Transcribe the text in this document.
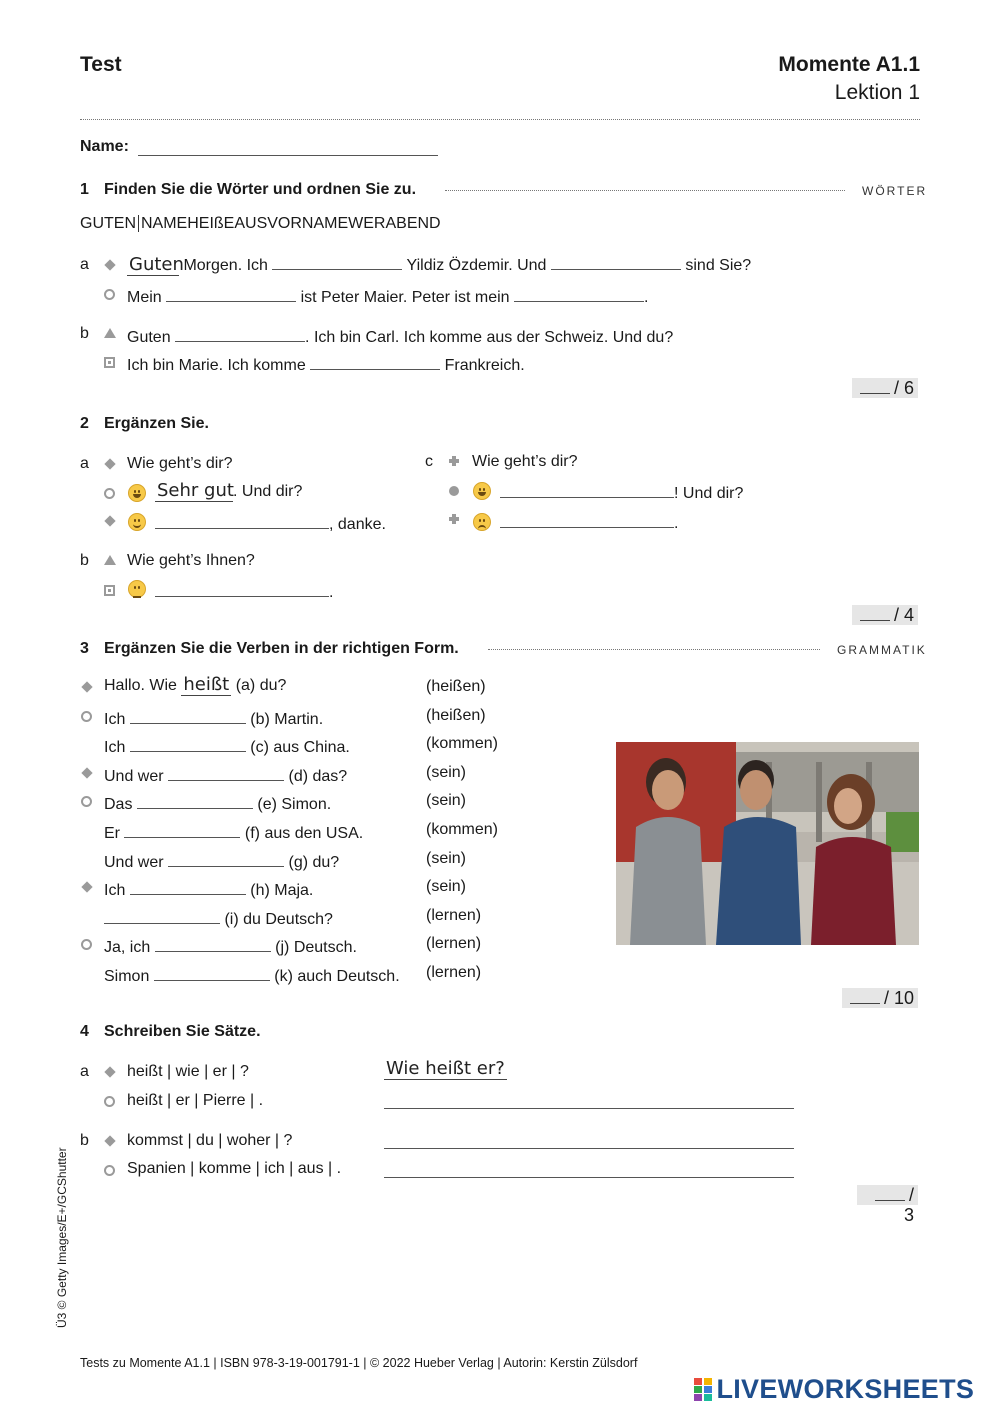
Test	Momente A1.1
Lektion 1
Name:
1 Finden Sie die Wörter und ordnen Sie zu.	WÖRTER
GUTEN NAMEHEIßEAUSVORNAMEWERABEND
a Guten Morgen. Ich	Yildiz Özdemir. Und	sind Sie?
Mein	ist Peter Maier. Peter ist mein	.
b Guten	. Ich bin Carl. Ich komme aus der Schweiz. Und du?
Ich bin Marie. Ich komme	Frankreich.
/ 6
2 Ergänzen Sie.
a Wie geht’s dir?
Sehr gut. Und dir?
, danke.
c Wie geht’s dir?
! Und dir?
.
b Wie geht’s Ihnen?
.
/ 4
3 Ergänzen Sie die Verben in der richtigen Form.	GRAMMATIK
Hallo. Wie heißt (a) du?	(heißen)
Ich	(b) Martin.	(heißen)
Ich	(c) aus China.	(kommen)
Und wer	(d) das?	(sein)
Das	(e) Simon.	(sein)
Er	(f) aus den USA.	(kommen)
Und wer	(g) du?	(sein)
Ich	(h) Maja.	(sein)
(i) du Deutsch?	(lernen)
Ja, ich	(j) Deutsch.	(lernen)
Simon	(k) auch Deutsch. (lernen)
/ 10
4 Schreiben Sie Sätze.
a heißt | wie | er | ?	Wie heißt er?
heißt | er | Pierre | .
b kommst | du | woher | ?
Spanien | komme | ich | aus | .
/ 3
Ü3 © Getty Images/E+/GCShutter
Tests zu Momente A1.1 | ISBN 978-3-19-001791-1 | © 2022 Hueber Verlag | Autorin: Kerstin Zülsdorf
LIVEWORKSHEETS
